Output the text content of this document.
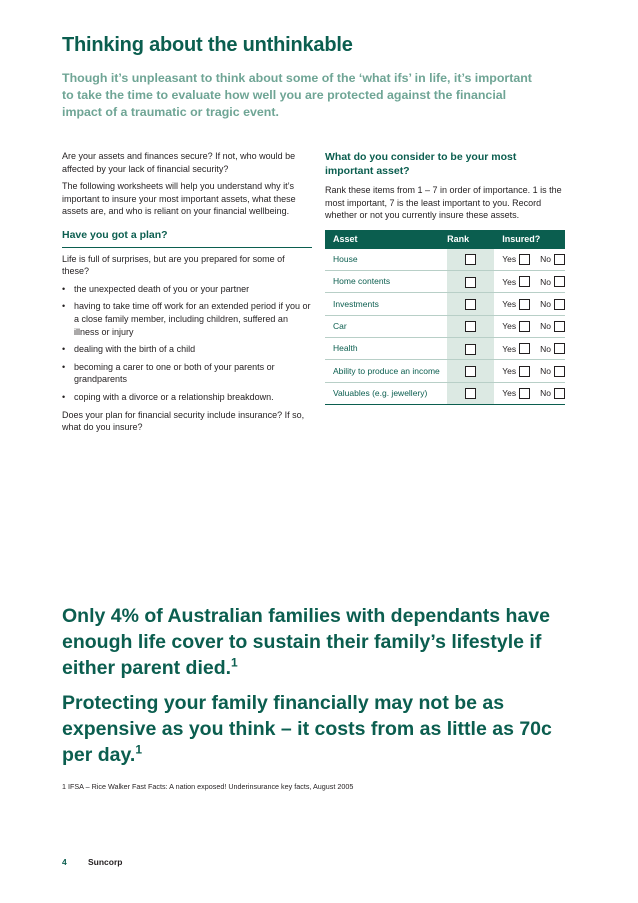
Thinking about the unthinkable

Though it’s unpleasant to think about some of the ‘what ifs’ in life, it’s important to take the time to evaluate how well you are protected against the financial impact of a traumatic or tragic event.

Are your assets and finances secure? If not, who would be affected by your lack of financial security?

The following worksheets will help you understand why it’s important to insure your most important assets, what these assets are, and who is reliant on your financial wellbeing.

Have you got a plan?

Life is full of surprises, but are you prepared for some of these?

• the unexpected death of you or your partner
• having to take time off work for an extended period if you or a close family member, including children, suffered an illness or injury
• dealing with the birth of a child
• becoming a carer to one or both of your parents or grandparents
• coping with a divorce or a relationship breakdown.

Does your plan for financial security include insurance? If so, what do you insure?

What do you consider to be your most important asset?

Rank these items from 1 – 7 in order of importance. 1 is the most important, 7 is the least important to you. Record whether or not you currently insure these assets.

Asset	Rank	Insured?
House		Yes No
Home contents		Yes No
Investments		Yes No
Car		Yes No
Health		Yes No
Ability to produce an income		Yes No
Valuables (e.g. jewellery)		Yes No

Only 4% of Australian families with dependants have enough life cover to sustain their family’s lifestyle if either parent died.$^1$

Protecting your family financially may not be as expensive as you think – it costs from as little as 70c per day.$^1$

1 IFSA – Rice Walker Fast Facts: A nation exposed! Underinsurance key facts, August 2005

4	Suncorp
